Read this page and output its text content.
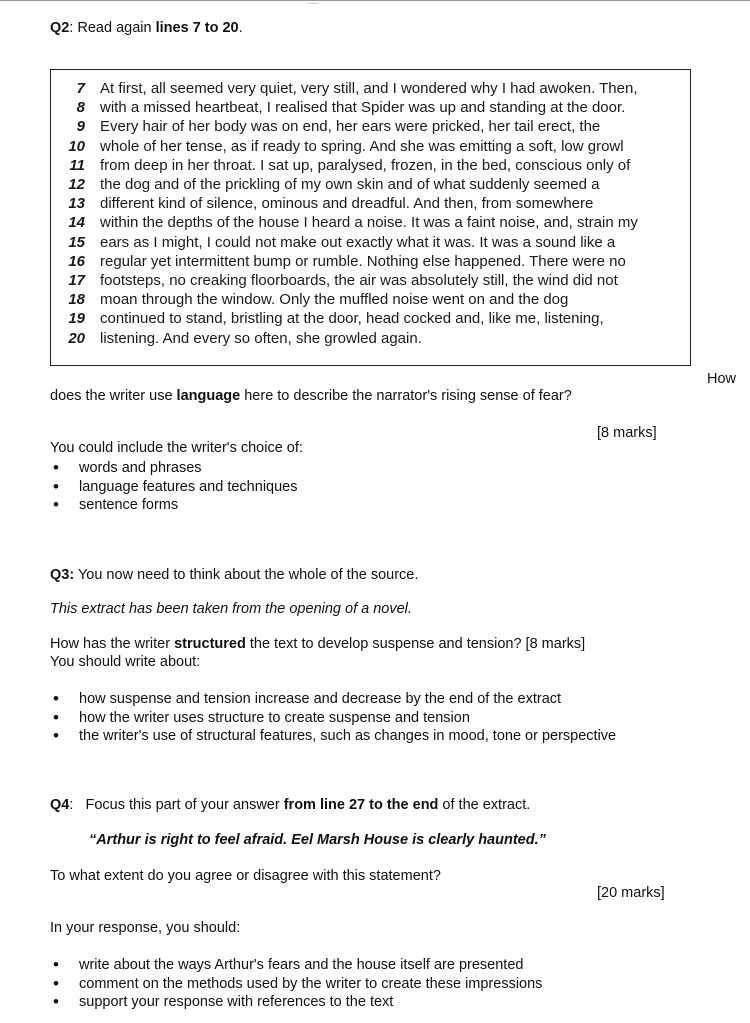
Q2: Read again lines 7 to 20.
7 At first, all seemed very quiet, very still, and I wondered why I had awoken. Then,
8 with a missed heartbeat, I realised that Spider was up and standing at the door.
9 Every hair of her body was on end, her ears were pricked, her tail erect, the
10 whole of her tense, as if ready to spring. And she was emitting a soft, low growl
11 from deep in her throat. I sat up, paralysed, frozen, in the bed, conscious only of
12 the dog and of the prickling of my own skin and of what suddenly seemed a
13 different kind of silence, ominous and dreadful. And then, from somewhere
14 within the depths of the house I heard a noise. It was a faint noise, and, strain my
15 ears as I might, I could not make out exactly what it was. It was a sound like a
16 regular yet intermittent bump or rumble. Nothing else happened. There were no
17 footsteps, no creaking floorboards, the air was absolutely still, the wind did not
18 moan through the window. Only the muffled noise went on and the dog
19 continued to stand, bristling at the door, head cocked and, like me, listening,
20 listening. And every so often, she growled again.
How
does the writer use language here to describe the narrator's rising sense of fear?
[8 marks]
You could include the writer's choice of:
• words and phrases
• language features and techniques
• sentence forms
Q3: You now need to think about the whole of the source.
This extract has been taken from the opening of a novel.
How has the writer structured the text to develop suspense and tension? [8 marks]
You should write about:
• how suspense and tension increase and decrease by the end of the extract
• how the writer uses structure to create suspense and tension
• the writer's use of structural features, such as changes in mood, tone or perspective
Q4:   Focus this part of your answer from line 27 to the end of the extract.
“Arthur is right to feel afraid. Eel Marsh House is clearly haunted.”
To what extent do you agree or disagree with this statement?
[20 marks]
In your response, you should:
• write about the ways Arthur's fears and the house itself are presented
• comment on the methods used by the writer to create these impressions
• support your response with references to the text
